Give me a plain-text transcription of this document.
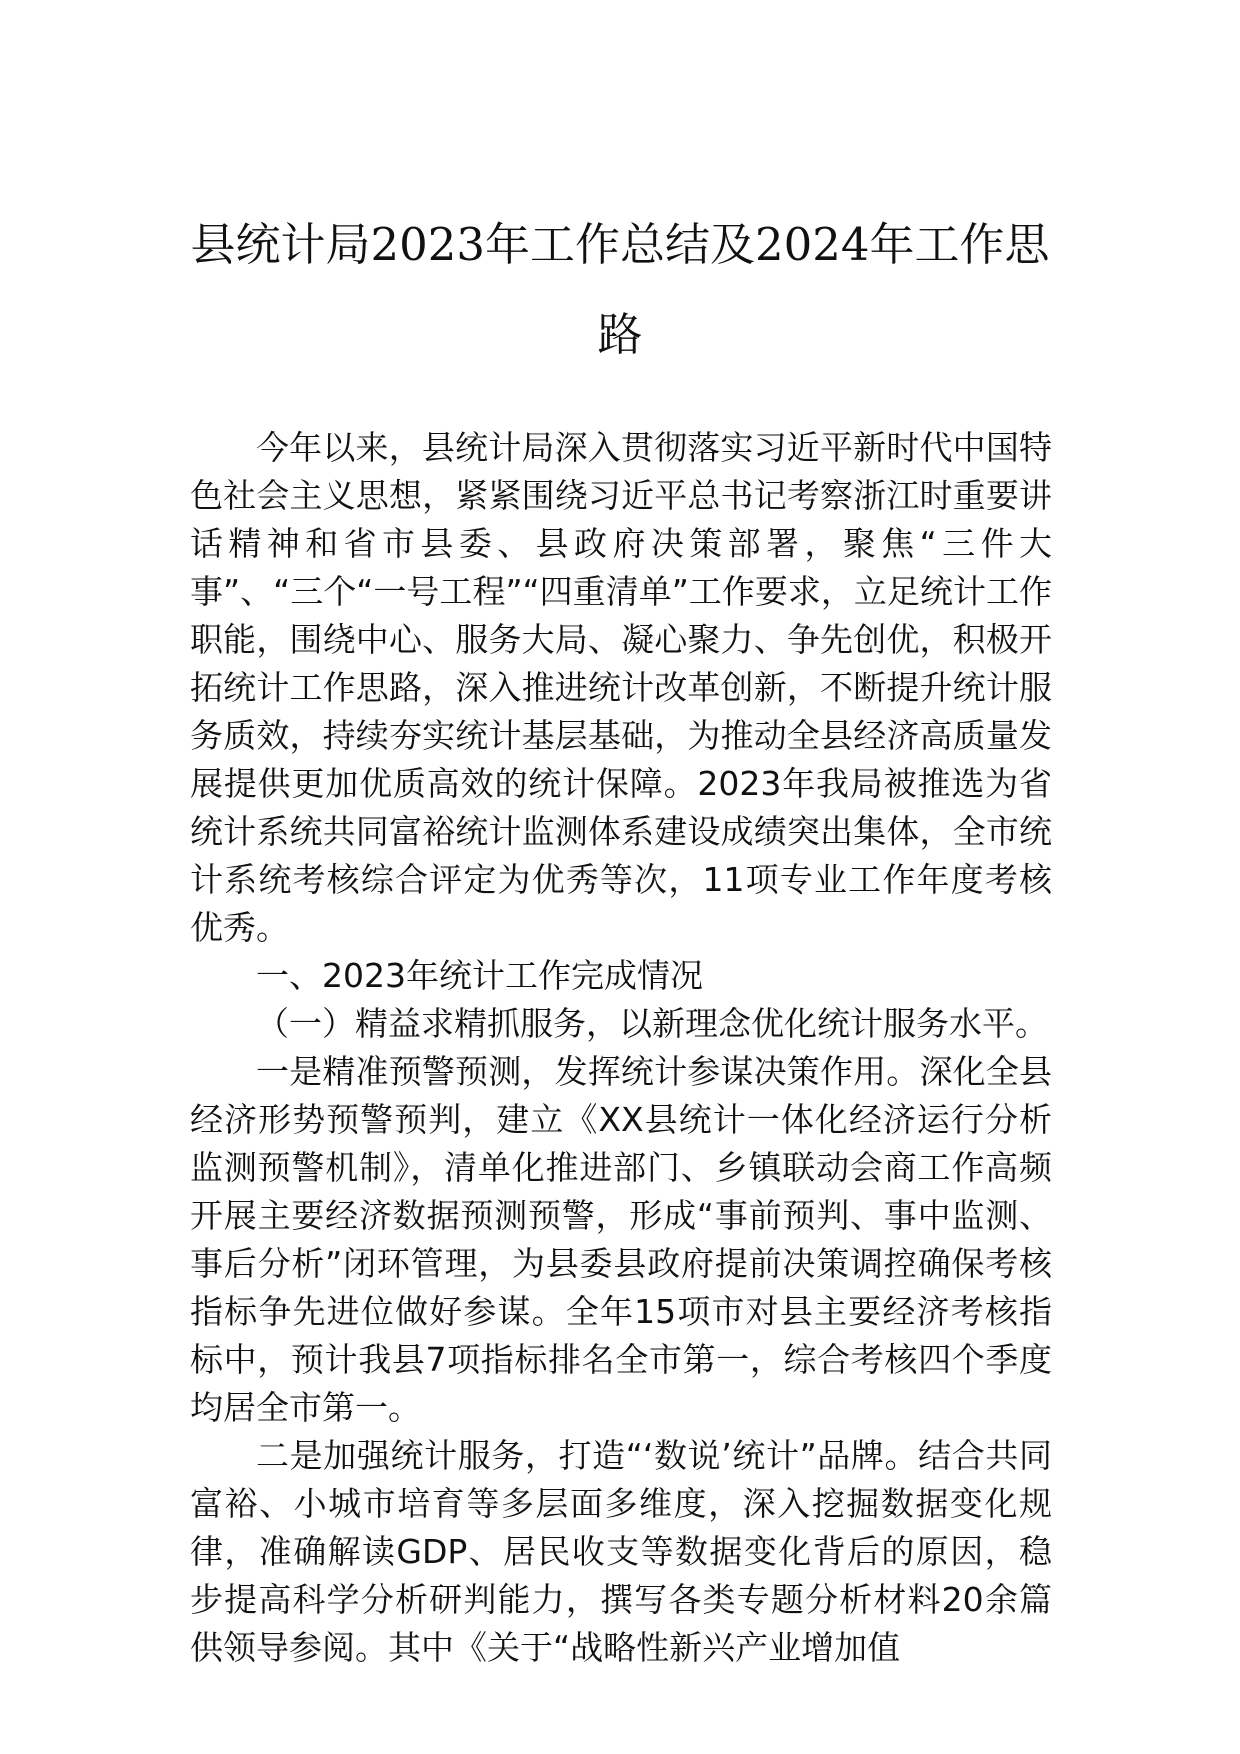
县统计局2023年工作总结及2024年工作思
路

今年以来，县统计局深入贯彻落实习近平新时代中国特色社会主义思想，紧紧围绕习近平总书记考察浙江时重要讲话精神和省市县委、县政府决策部署，聚焦“三件大事”、“三个“一号工程”“四重清单”工作要求，立足统计工作职能，围绕中心、服务大局、凝心聚力、争先创优，积极开拓统计工作思路，深入推进统计改革创新，不断提升统计服务质效，持续夯实统计基层基础，为推动全县经济高质量发展提供更加优质高效的统计保障。2023年我局被推选为省统计系统共同富裕统计监测体系建设成绩突出集体，全市统计系统考核综合评定为优秀等次，11项专业工作年度考核优秀。

一、2023年统计工作完成情况

（一）精益求精抓服务，以新理念优化统计服务水平。

一是精准预警预测，发挥统计参谋决策作用。深化全县经济形势预警预判，建立《XX县统计一体化经济运行分析监测预警机制》，清单化推进部门、乡镇联动会商工作高频开展主要经济数据预测预警，形成“事前预判、事中监测、事后分析”闭环管理，为县委县政府提前决策调控确保考核指标争先进位做好参谋。全年15项市对县主要经济考核指标中，预计我县7项指标排名全市第一，综合考核四个季度均居全市第一。

二是加强统计服务，打造“‘数说’统计”品牌。结合共同富裕、小城市培育等多层面多维度，深入挖掘数据变化规律，准确解读GDP、居民收支等数据变化背后的原因，稳步提高科学分析研判能力，撰写各类专题分析材料20余篇供领导参阅。其中《关于“战略性新兴产业增加值
